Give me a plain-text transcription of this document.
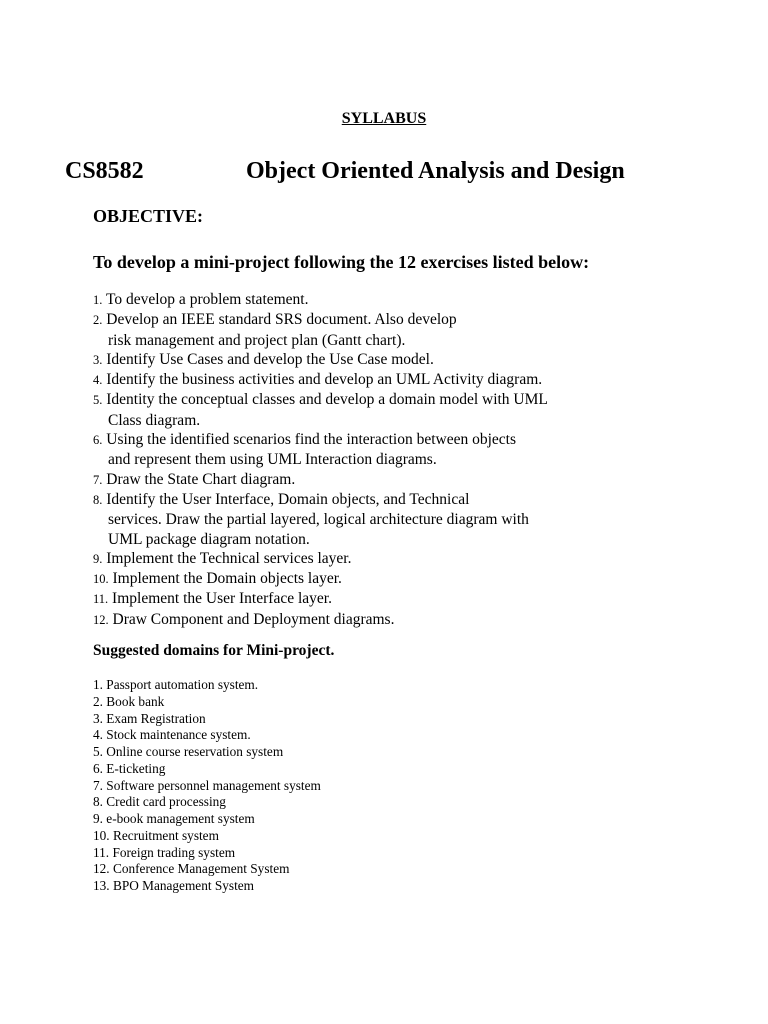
SYLLABUS
CS8582	Object Oriented Analysis and Design
OBJECTIVE:
To develop a mini-project following the 12 exercises listed below:
1. To develop a problem statement.
2. Develop an IEEE standard SRS document. Also develop
risk management and project plan (Gantt chart).
3. Identify Use Cases and develop the Use Case model.
4. Identify the business activities and develop an UML Activity diagram.
5. Identity the conceptual classes and develop a domain model with UML
Class diagram.
6. Using the identified scenarios find the interaction between objects
and represent them using UML Interaction diagrams.
7. Draw the State Chart diagram.
8. Identify the User Interface, Domain objects, and Technical
services. Draw the partial layered, logical architecture diagram with
UML package diagram notation.
9. Implement the Technical services layer.
10. Implement the Domain objects layer.
11. Implement the User Interface layer.
12. Draw Component and Deployment diagrams.
Suggested domains for Mini-project.
1. Passport automation system.
2. Book bank
3. Exam Registration
4. Stock maintenance system.
5. Online course reservation system
6. E-ticketing
7. Software personnel management system
8. Credit card processing
9. e-book management system
10. Recruitment system
11. Foreign trading system
12. Conference Management System
13. BPO Management System
